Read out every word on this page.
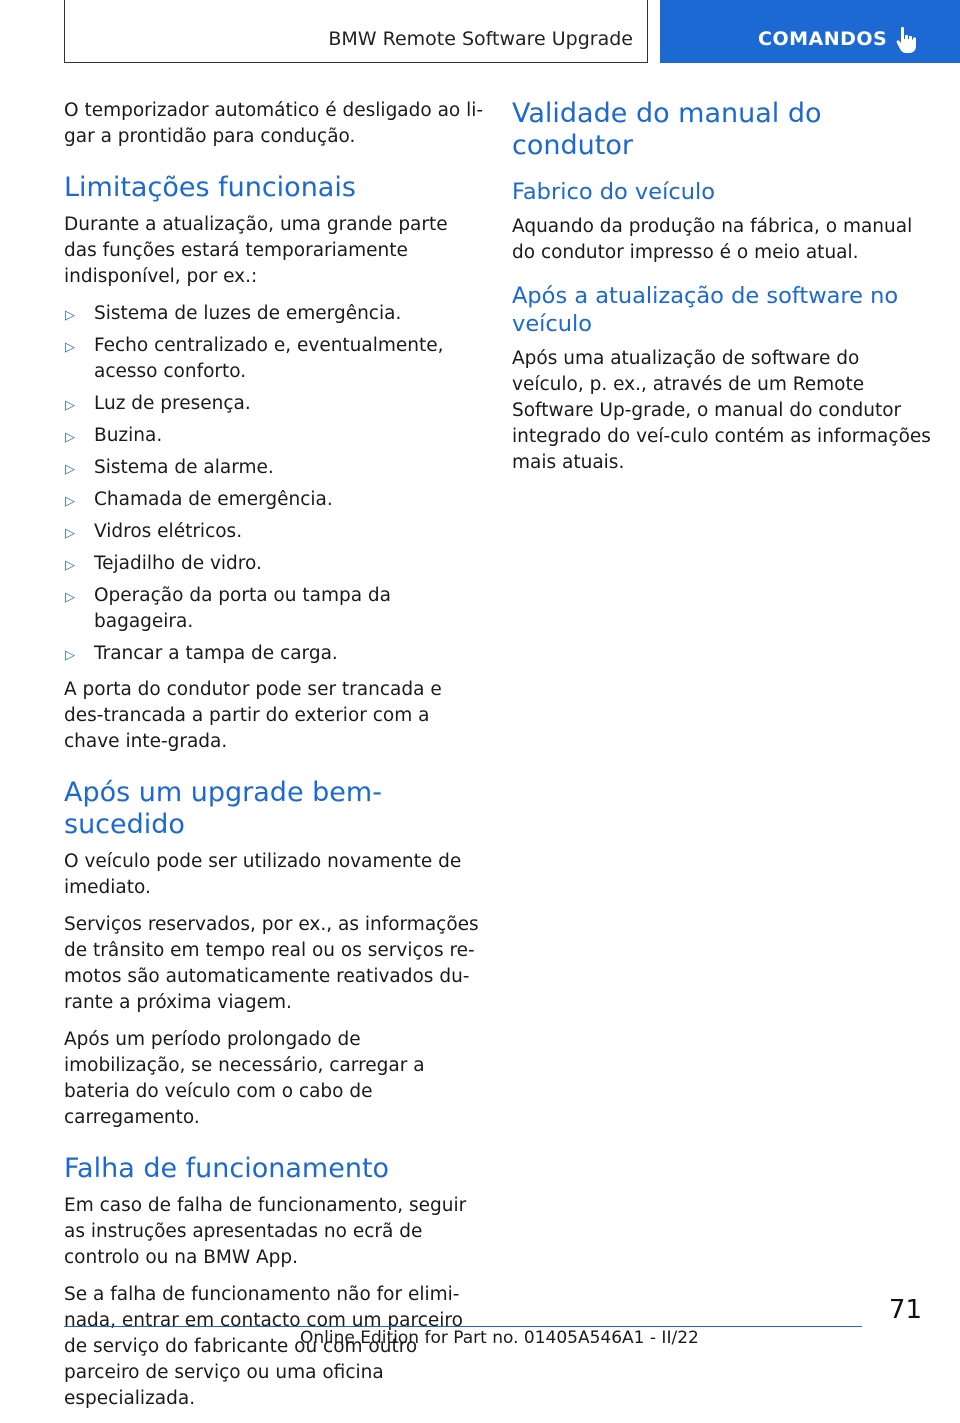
BMW Remote Software Upgrade	COMANDOS

O temporizador automático é desligado ao li‐gar a prontidão para condução.

Limitações funcionais

Durante a atualização, uma grande parte das funções estará temporariamente indisponível, por ex.:

▷ Sistema de luzes de emergência.
▷ Fecho centralizado e, eventualmente, acesso conforto.
▷ Luz de presença.
▷ Buzina.
▷ Sistema de alarme.
▷ Chamada de emergência.
▷ Vidros elétricos.
▷ Tejadilho de vidro.
▷ Operação da porta ou tampa da bagageira.
▷ Trancar a tampa de carga.

A porta do condutor pode ser trancada e des‐trancada a partir do exterior com a chave inte‐grada.

Após um upgrade bem-sucedido

O veículo pode ser utilizado novamente de imediato.

Serviços reservados, por ex., as informações de trânsito em tempo real ou os serviços re‐motos são automaticamente reativados du‐rante a próxima viagem.

Após um período prolongado de imobilização, se necessário, carregar a bateria do veículo com o cabo de carregamento.

Falha de funcionamento

Em caso de falha de funcionamento, seguir as instruções apresentadas no ecrã de controlo ou na BMW App.

Se a falha de funcionamento não for elimi‐nada, entrar em contacto com um parceiro de serviço do fabricante ou com outro parceiro de serviço ou uma oficina especializada.

Validade do manual do condutor
Fabrico do veículo

Aquando da produção na fábrica, o manual do condutor impresso é o meio atual.

Após a atualização de software no veículo

Após uma atualização de software do veículo, p. ex., através de um Remote Software Up‐grade, o manual do condutor integrado do veí‐culo contém as informações mais atuais.

71
Online Edition for Part no. 01405A546A1 - II/22
